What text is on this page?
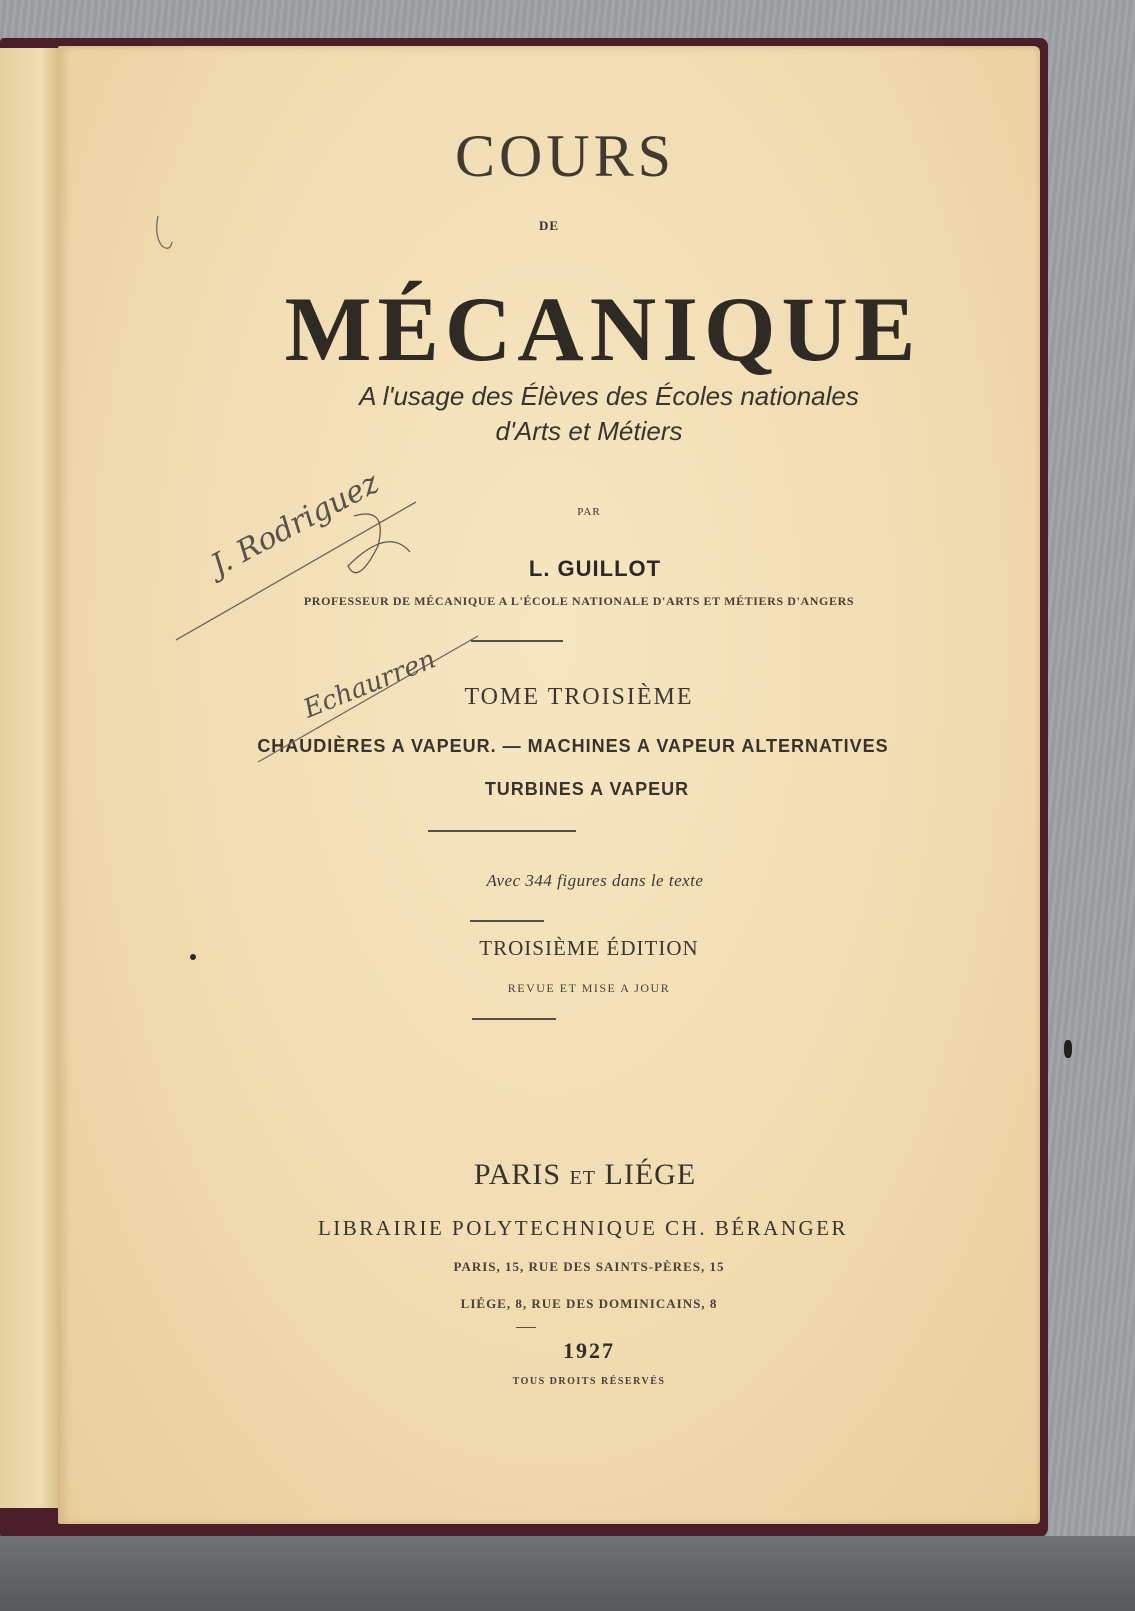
COURS
DE
MÉCANIQUE
A l'usage des Élèves des Écoles nationales
d'Arts et Métiers
PAR
L. GUILLOT
PROFESSEUR DE MÉCANIQUE A L'ÉCOLE NATIONALE D'ARTS ET MÉTIERS D'ANGERS
TOME TROISIÈME
CHAUDIÈRES A VAPEUR. — MACHINES A VAPEUR ALTERNATIVES
TURBINES A VAPEUR
Avec 344 figures dans le texte
TROISIÈME ÉDITION
REVUE ET MISE A JOUR
PARIS ET LIÉGE
LIBRAIRIE POLYTECHNIQUE CH. BÉRANGER
PARIS, 15, RUE DES SAINTS-PÈRES, 15
LIÉGE, 8, RUE DES DOMINICAINS, 8
1927
TOUS DROITS RÉSERVÉS
J. Rodriguez
Echaurren
